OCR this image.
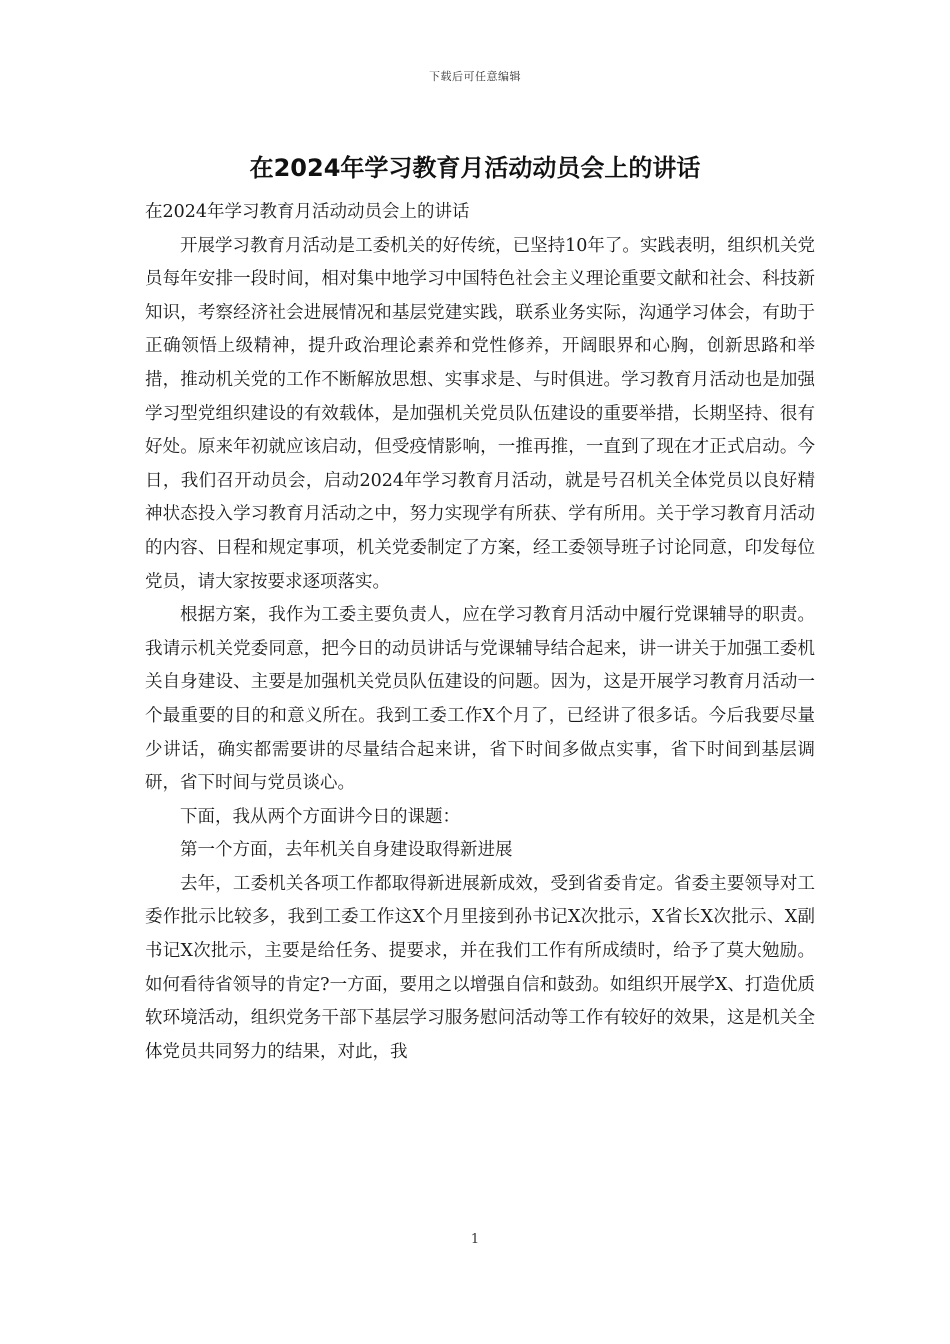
下载后可任意编辑
在2024年学习教育月活动动员会上的讲话

在2024年学习教育月活动动员会上的讲话

开展学习教育月活动是工委机关的好传统，已坚持10年了。实践表明，组织机关党员每年安排一段时间，相对集中地学习中国特色社会主义理论重要文献和社会、科技新知识，考察经济社会进展情况和基层党建实践，联系业务实际，沟通学习体会，有助于正确领悟上级精神，提升政治理论素养和党性修养，开阔眼界和心胸，创新思路和举措，推动机关党的工作不断解放思想、实事求是、与时俱进。学习教育月活动也是加强学习型党组织建设的有效载体，是加强机关党员队伍建设的重要举措，长期坚持、很有好处。原来年初就应该启动，但受疫情影响，一推再推，一直到了现在才正式启动。今日，我们召开动员会，启动2024年学习教育月活动，就是号召机关全体党员以良好精神状态投入学习教育月活动之中，努力实现学有所获、学有所用。关于学习教育月活动的内容、日程和规定事项，机关党委制定了方案，经工委领导班子讨论同意，印发每位党员，请大家按要求逐项落实。

根据方案，我作为工委主要负责人，应在学习教育月活动中履行党课辅导的职责。我请示机关党委同意，把今日的动员讲话与党课辅导结合起来，讲一讲关于加强工委机关自身建设、主要是加强机关党员队伍建设的问题。因为，这是开展学习教育月活动一个最重要的目的和意义所在。我到工委工作X个月了，已经讲了很多话。今后我要尽量少讲话，确实都需要讲的尽量结合起来讲，省下时间多做点实事，省下时间到基层调研，省下时间与党员谈心。

下面，我从两个方面讲今日的课题：

第一个方面，去年机关自身建设取得新进展

去年，工委机关各项工作都取得新进展新成效，受到省委肯定。省委主要领导对工委作批示比较多，我到工委工作这X个月里接到孙书记X次批示，X省长X次批示、X副书记X次批示，主要是给任务、提要求，并在我们工作有所成绩时，给予了莫大勉励。如何看待省领导的肯定?一方面，要用之以增强自信和鼓劲。如组织开展学X、打造优质软环境活动，组织党务干部下基层学习服务慰问活动等工作有较好的效果，这是机关全体党员共同努力的结果，对此，我

1
